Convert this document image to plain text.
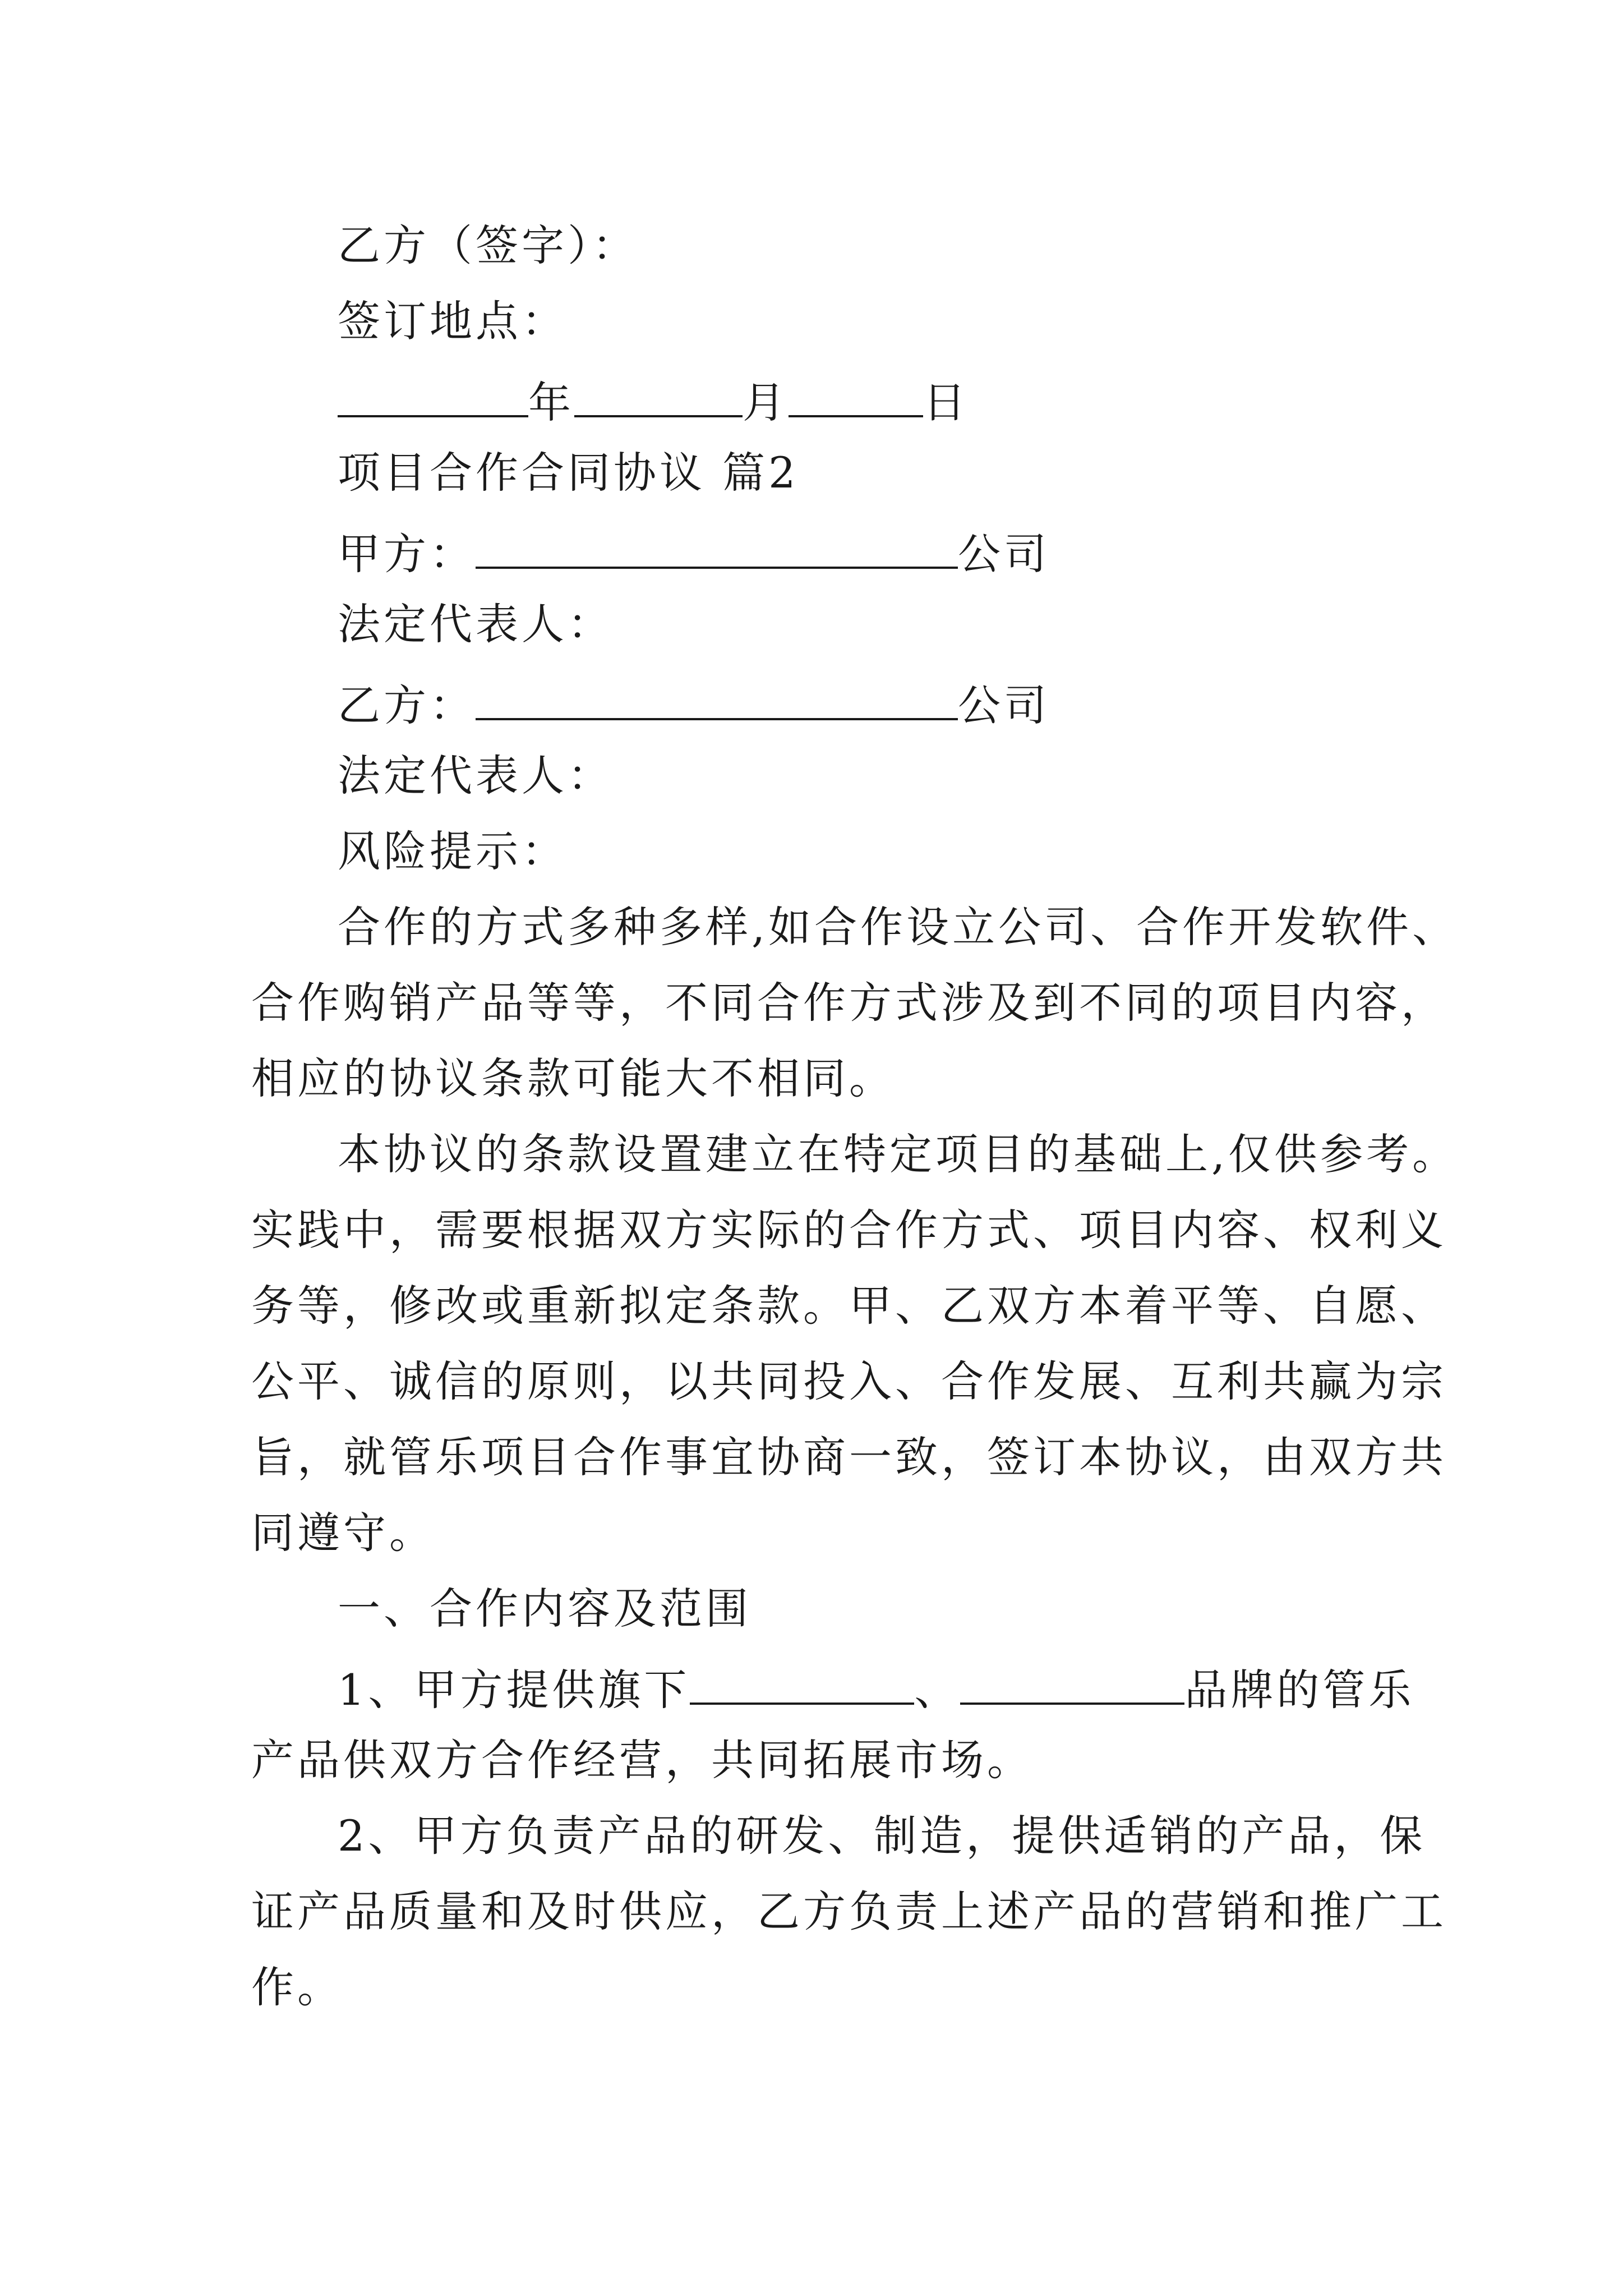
乙方（签字）：
签订地点：
年	月	日
项目合作合同协议 篇2
甲方：	公司
法定代表人：
乙方：	公司
法定代表人：
风险提示：
合作的方式多种多样,如合作设立公司、合作开发软件、
合作购销产品等等，不同合作方式涉及到不同的项目内容，
相应的协议条款可能大不相同。
本协议的条款设置建立在特定项目的基础上,仅供参考。
实践中，需要根据双方实际的合作方式、项目内容、权利义
务等，修改或重新拟定条款。甲、乙双方本着平等、自愿、
公平、诚信的原则，以共同投入、合作发展、互利共赢为宗
旨，就管乐项目合作事宜协商一致，签订本协议，由双方共
同遵守。
一、合作内容及范围
1、甲方提供旗下	、	品牌的管乐
产品供双方合作经营，共同拓展市场。
2、甲方负责产品的研发、制造，提供适销的产品，保
证产品质量和及时供应，乙方负责上述产品的营销和推广工
作。
